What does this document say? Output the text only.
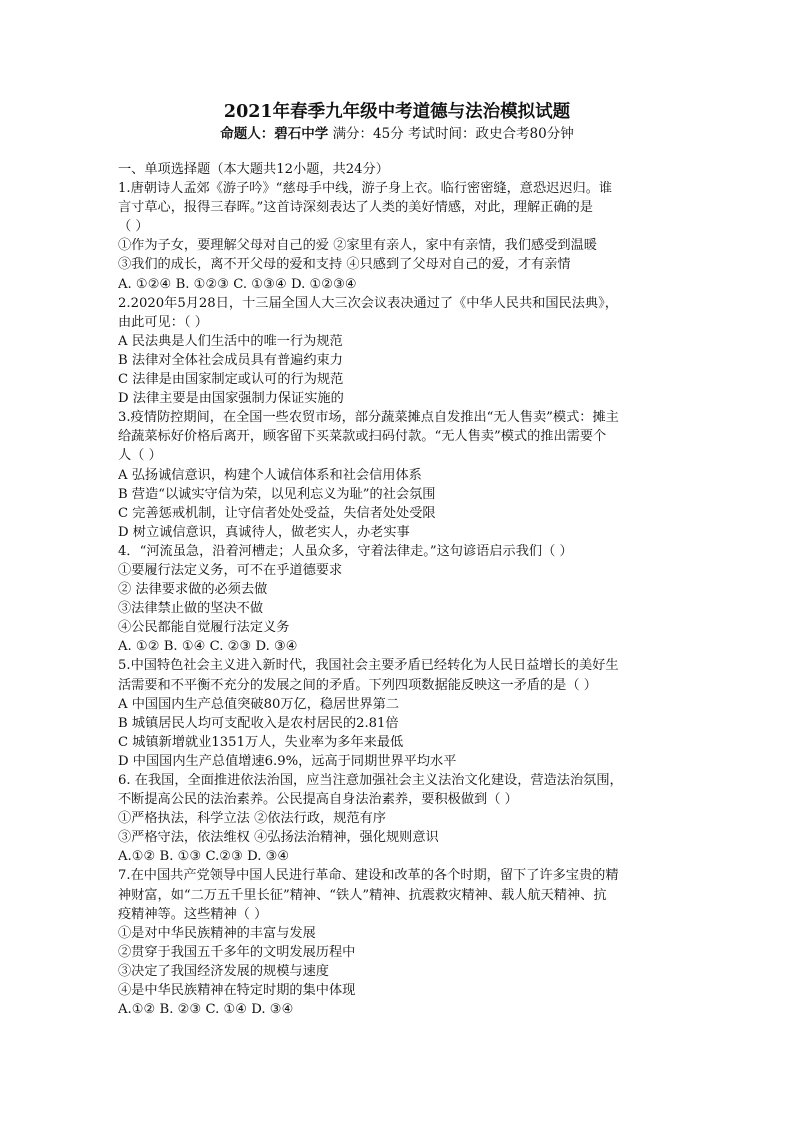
2021年春季九年级中考道德与法治模拟试题
命题人：碧石中学 满分：45分 考试时间：政史合考80分钟
一、单项选择题（本大题共12小题，共24分）
1.唐朝诗人孟郊《游子吟》“慈母手中线，游子身上衣。临行密密缝，意恐迟迟归。谁
言寸草心，报得三春晖。”这首诗深刻表达了人类的美好情感，对此，理解正确的是
（ ）
①作为子女，要理解父母对自己的爱 ②家里有亲人，家中有亲情，我们感受到温暖
③我们的成长，离不开父母的爱和支持 ④只感到了父母对自己的爱，才有亲情
A. ①②④ B. ①②③ C. ①③④ D. ①②③④
2.2020年5月28日，十三届全国人大三次会议表决通过了《中华人民共和国民法典》，
由此可见：（ ）
A 民法典是人们生活中的唯一行为规范
B 法律对全体社会成员具有普遍约束力
C 法律是由国家制定或认可的行为规范
D 法律主要是由国家强制力保证实施的
3.疫情防控期间，在全国一些农贸市场，部分蔬菜摊点自发推出“无人售卖”模式：摊主
给蔬菜标好价格后离开，顾客留下买菜款或扫码付款。“无人售卖”模式的推出需要个
人（ ）
A 弘扬诚信意识，构建个人诚信体系和社会信用体系
B 营造“以诚实守信为荣，以见利忘义为耻”的社会氛围
C 完善惩戒机制，让守信者处处受益，失信者处处受限
D 树立诚信意识，真诚待人，做老实人，办老实事
4．“河流虽急，沿着河槽走；人虽众多，守着法律走。”这句谚语启示我们（ ）
①要履行法定义务，可不在乎道德要求
② 法律要求做的必须去做
③法律禁止做的坚决不做
④公民都能自觉履行法定义务
A. ①② B. ①④ C. ②③ D. ③④
5.中国特色社会主义进入新时代，我国社会主要矛盾已经转化为人民日益增长的美好生
活需要和不平衡不充分的发展之间的矛盾。下列四项数据能反映这一矛盾的是（ ）
A 中国国内生产总值突破80万亿，稳居世界第二
B 城镇居民人均可支配收入是农村居民的2.81倍
C 城镇新增就业1351万人，失业率为多年来最低
D 中国国内生产总值增速6.9%，远高于同期世界平均水平
6. 在我国，全面推进依法治国，应当注意加强社会主义法治文化建设，营造法治氛围，
不断提高公民的法治素养。公民提高自身法治素养，要积极做到（ ）
①严格执法，科学立法 ②依法行政，规范有序
③严格守法，依法维权 ④弘扬法治精神，强化规则意识
A.①② B. ①③ C.②③ D. ③④
7.在中国共产党领导中国人民进行革命、建设和改革的各个时期，留下了许多宝贵的精
神财富，如“二万五千里长征”精神、“铁人”精神、抗震救灾精神、载人航天精神、抗
疫精神等。这些精神（ ）
①是对中华民族精神的丰富与发展
②贯穿于我国五千多年的文明发展历程中
③决定了我国经济发展的规模与速度
④是中华民族精神在特定时期的集中体现
A.①② B. ②③ C. ①④ D. ③④
